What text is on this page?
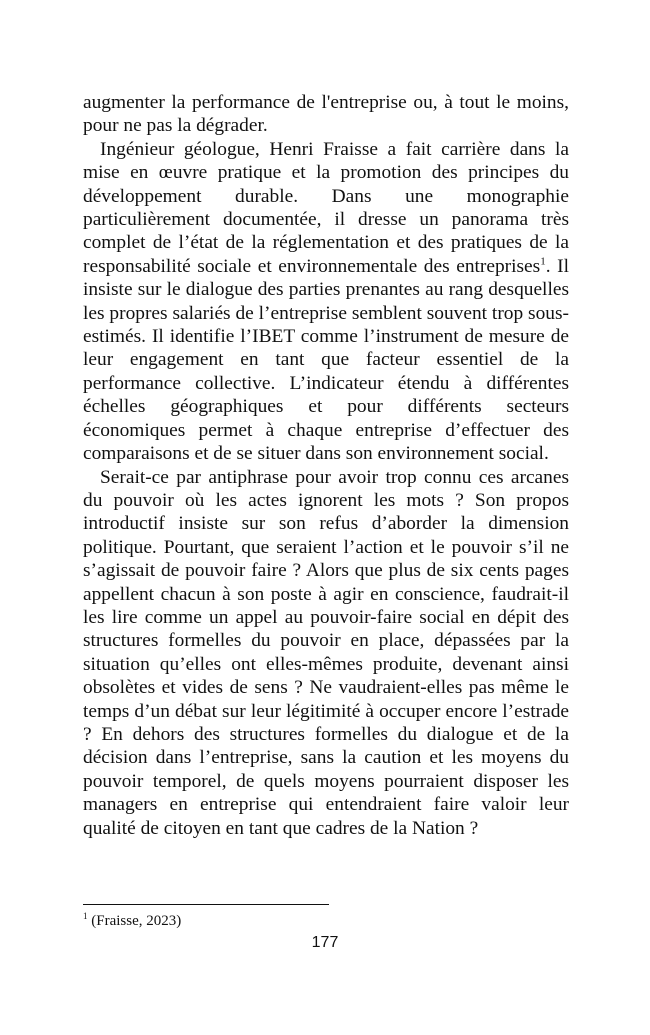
augmenter la performance de l'entreprise ou, à tout le moins, pour ne pas la dégrader.

Ingénieur géologue, Henri Fraisse a fait carrière dans la mise en œuvre pratique et la promotion des principes du développement durable. Dans une monographie particulièrement documentée, il dresse un panorama très complet de l’état de la réglementation et des pratiques de la responsabilité sociale et environnementale des entreprises$^1$. Il insiste sur le dialogue des parties prenantes au rang desquelles les propres salariés de l’entreprise semblent souvent trop sous-estimés. Il identifie l’IBET comme l’instrument de mesure de leur engagement en tant que facteur essentiel de la performance collective. L’indicateur étendu à différentes échelles géographiques et pour différents secteurs économiques permet à chaque entreprise d’effectuer des comparaisons et de se situer dans son environnement social.

Serait-ce par antiphrase pour avoir trop connu ces arcanes du pouvoir où les actes ignorent les mots ? Son propos introductif insiste sur son refus d’aborder la dimension politique. Pourtant, que seraient l’action et le pouvoir s’il ne s’agissait de pouvoir faire ? Alors que plus de six cents pages appellent chacun à son poste à agir en conscience, faudrait-il les lire comme un appel au pouvoir-faire social en dépit des structures formelles du pouvoir en place, dépassées par la situation qu’elles ont elles-mêmes produite, devenant ainsi obsolètes et vides de sens ? Ne vaudraient-elles pas même le temps d’un débat sur leur légitimité à occuper encore l’estrade ? En dehors des structures formelles du dialogue et de la décision dans l’entreprise, sans la caution et les moyens du pouvoir temporel, de quels moyens pourraient disposer les managers en entreprise qui entendraient faire valoir leur qualité de citoyen en tant que cadres de la Nation ?

$^1$ (Fraisse, 2023)
177
